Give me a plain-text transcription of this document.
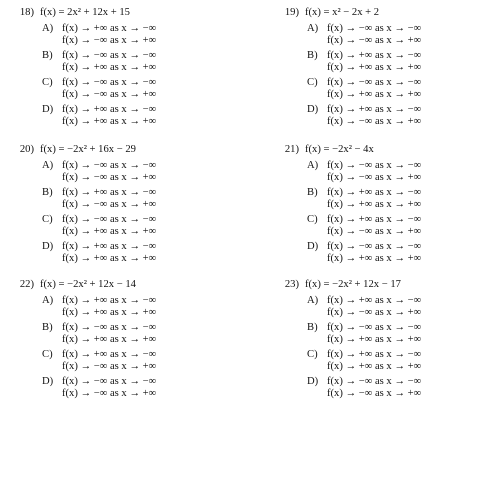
18) f(x) = 2x² + 12x + 15
A) f(x) → +∞ as x → −∞
f(x) → −∞ as x → +∞
B) f(x) → −∞ as x → −∞
f(x) → +∞ as x → +∞
C) f(x) → −∞ as x → −∞
f(x) → −∞ as x → +∞
D) f(x) → +∞ as x → −∞
f(x) → +∞ as x → +∞
19) f(x) = x² − 2x + 2
A) f(x) → −∞ as x → −∞
f(x) → −∞ as x → +∞
B) f(x) → +∞ as x → −∞
f(x) → +∞ as x → +∞
C) f(x) → −∞ as x → −∞
f(x) → +∞ as x → +∞
D) f(x) → +∞ as x → −∞
f(x) → −∞ as x → +∞
20) f(x) = −2x² + 16x − 29
A) f(x) → −∞ as x → −∞
f(x) → −∞ as x → +∞
B) f(x) → +∞ as x → −∞
f(x) → −∞ as x → +∞
C) f(x) → −∞ as x → −∞
f(x) → +∞ as x → +∞
D) f(x) → +∞ as x → −∞
f(x) → +∞ as x → +∞
21) f(x) = −2x² − 4x
A) f(x) → −∞ as x → −∞
f(x) → −∞ as x → +∞
B) f(x) → +∞ as x → −∞
f(x) → +∞ as x → +∞
C) f(x) → +∞ as x → −∞
f(x) → −∞ as x → +∞
D) f(x) → −∞ as x → −∞
f(x) → +∞ as x → +∞
22) f(x) = −2x² + 12x − 14
A) f(x) → +∞ as x → −∞
f(x) → +∞ as x → +∞
B) f(x) → −∞ as x → −∞
f(x) → +∞ as x → +∞
C) f(x) → +∞ as x → −∞
f(x) → −∞ as x → +∞
D) f(x) → −∞ as x → −∞
f(x) → −∞ as x → +∞
23) f(x) = −2x² + 12x − 17
A) f(x) → +∞ as x → −∞
f(x) → −∞ as x → +∞
B) f(x) → −∞ as x → −∞
f(x) → +∞ as x → +∞
C) f(x) → +∞ as x → −∞
f(x) → +∞ as x → +∞
D) f(x) → −∞ as x → −∞
f(x) → −∞ as x → +∞
